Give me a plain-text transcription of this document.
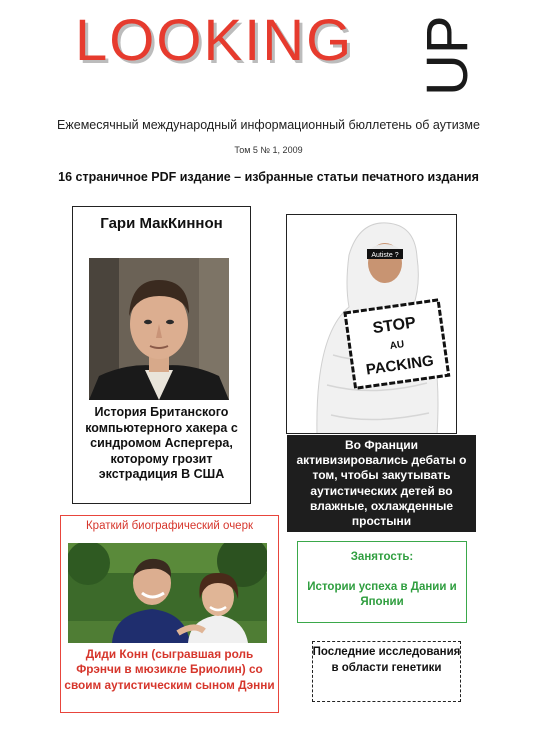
LOOKING UP
Ежемесячный международный информационный бюллетень об аутизме
Том 5 № 1, 2009
16 страничное PDF издание – избранные статьи печатного издания
Гари МакКиннон
История Британского компьютерного хакера с синдромом Аспергера, которому грозит экстрадиция В США
Autiste ?
STOP
AU
PACKING
Во Франции активизировались дебаты о том, чтобы закутывать аутистических детей во влажные, охлажденные простыни
Краткий биографический очерк
Диди Конн (сыгравшая роль Фрэнчи в мюзикле Бриолин) со своим аутистическим сыном Дэнни
Занятость:
Истории успеха в Дании и Японии
Последние исследования в области генетики
